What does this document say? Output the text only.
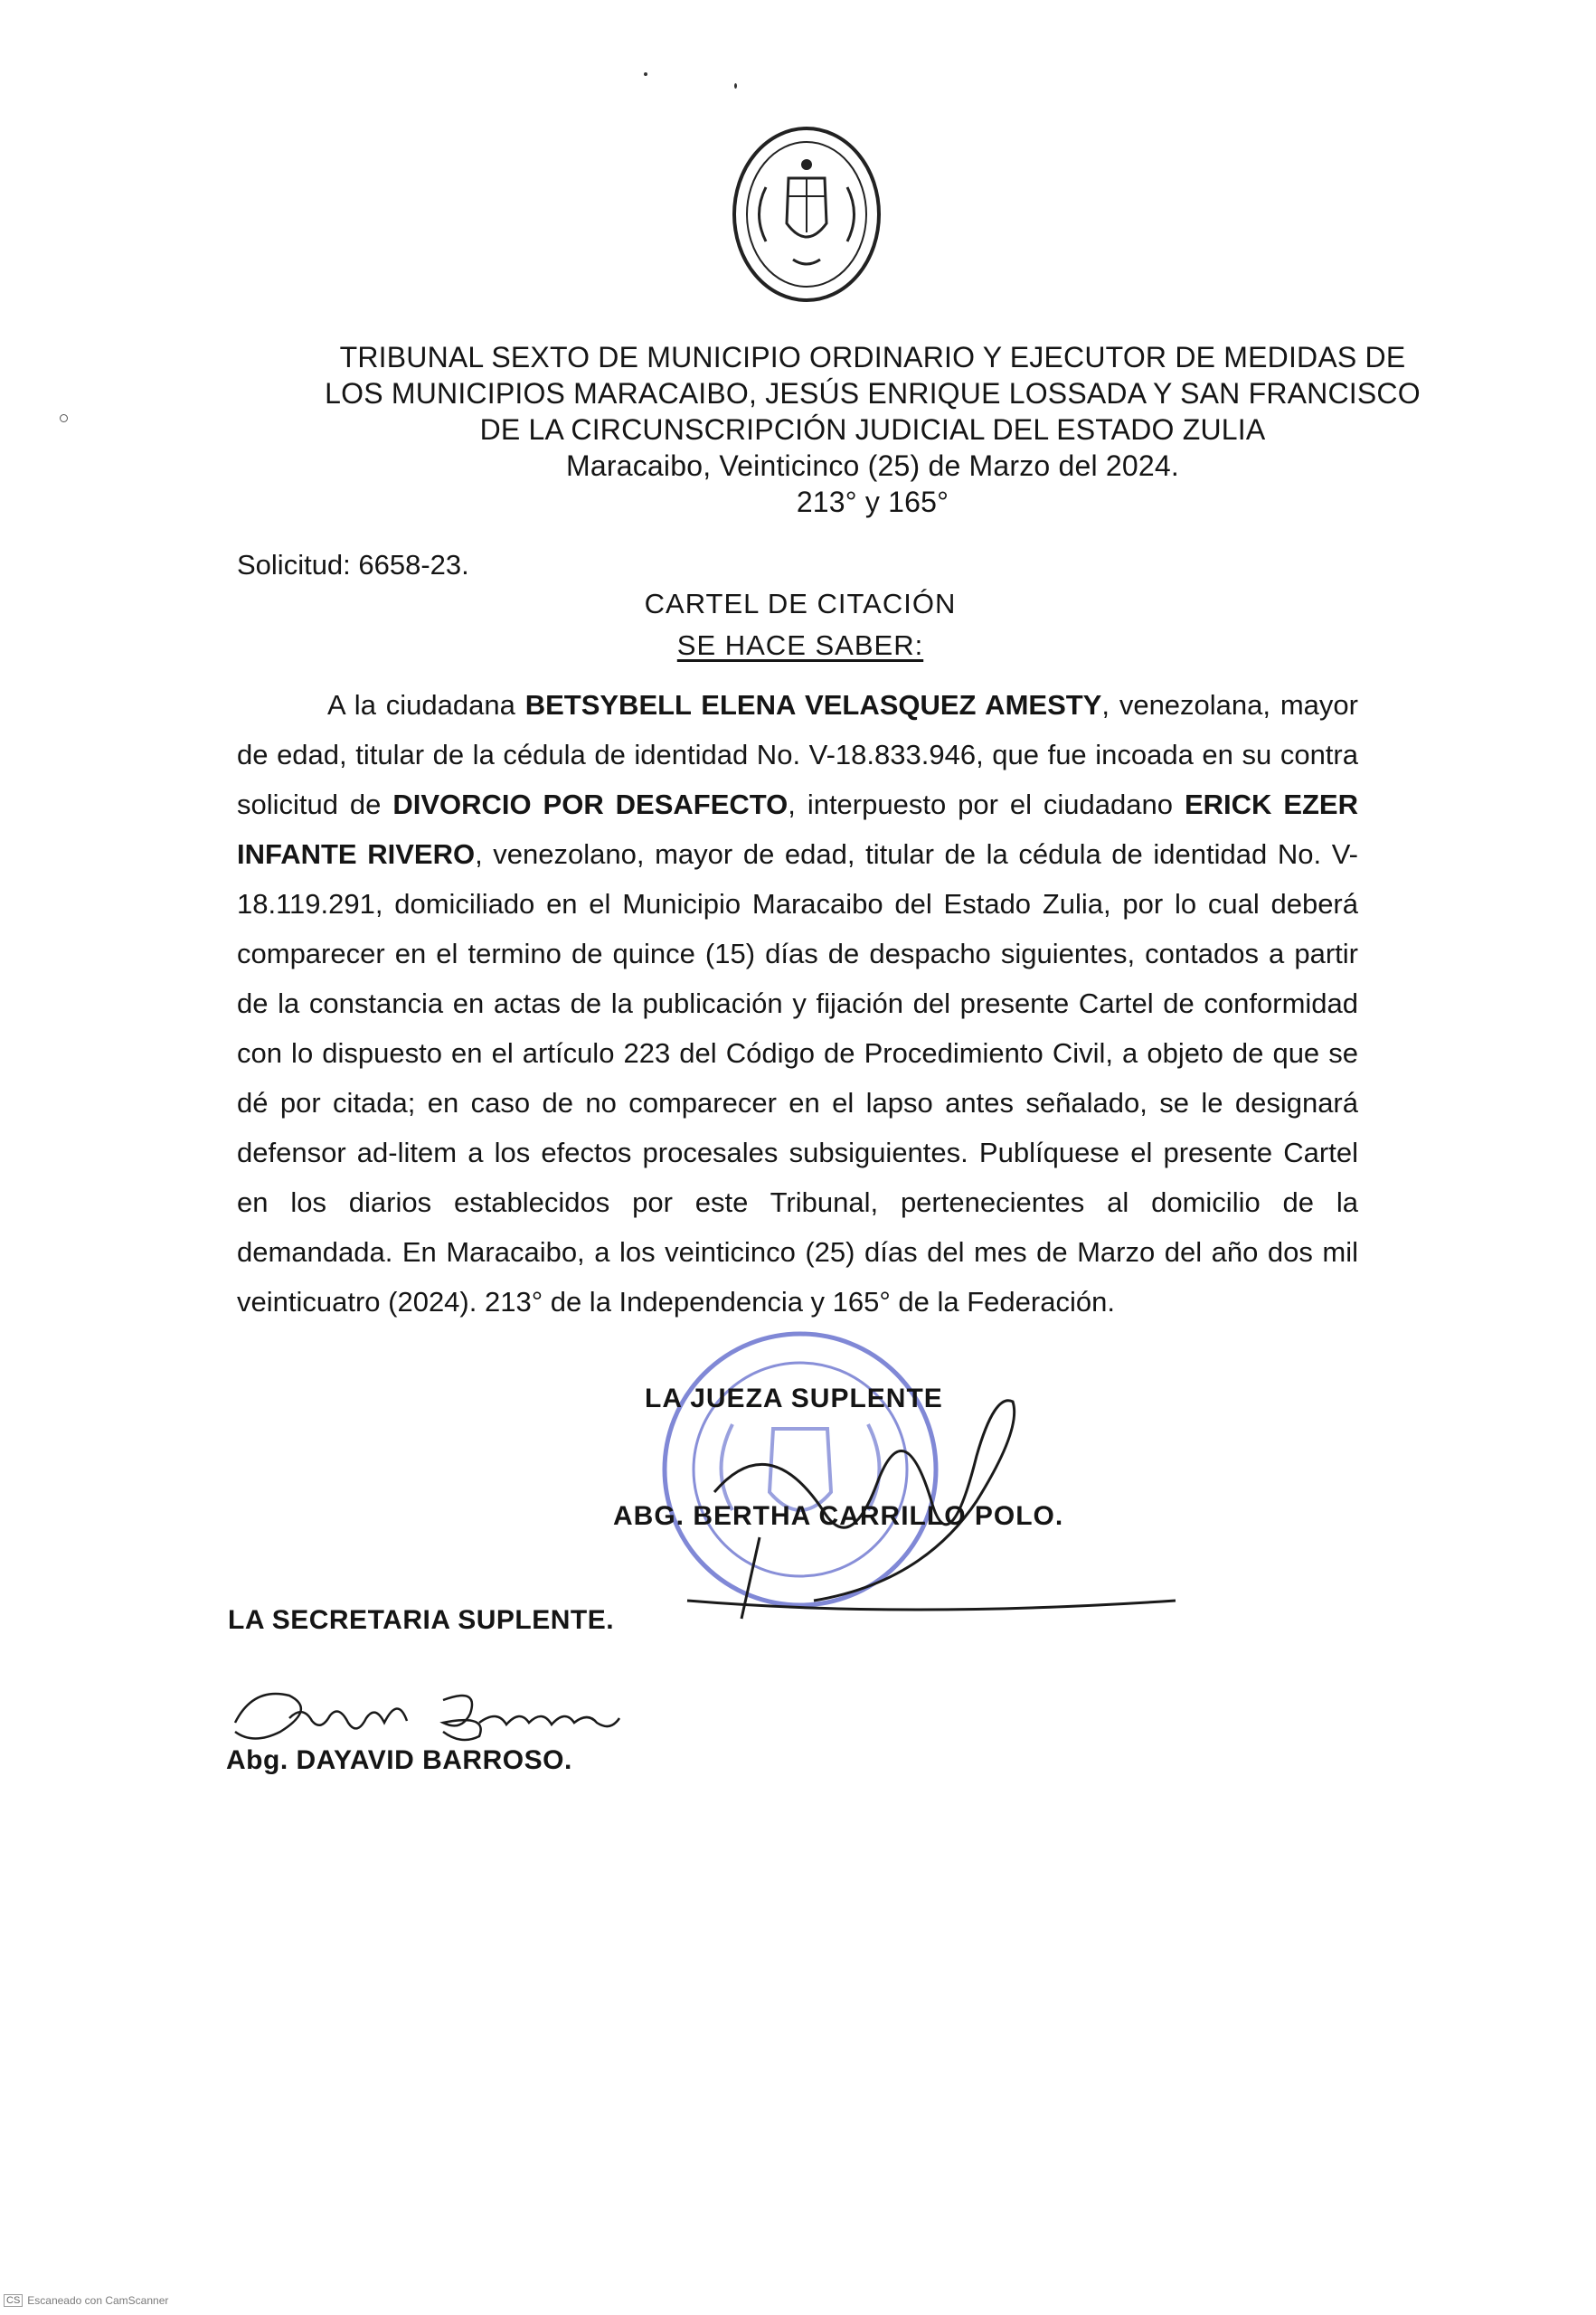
TRIBUNAL SEXTO DE MUNICIPIO ORDINARIO Y EJECUTOR DE MEDIDAS DE
LOS MUNICIPIOS MARACAIBO, JESÚS ENRIQUE LOSSADA Y SAN FRANCISCO
DE LA CIRCUNSCRIPCIÓN JUDICIAL DEL ESTADO ZULIA
Maracaibo, Veinticinco (25) de Marzo del 2024.
213° y 165°
Solicitud: 6658-23.
CARTEL DE CITACIÓN
SE HACE SABER:

A la ciudadana BETSYBELL ELENA VELASQUEZ AMESTY, venezolana, mayor de edad, titular de la cédula de identidad No. V-18.833.946, que fue incoada en su contra solicitud de DIVORCIO POR DESAFECTO, interpuesto por el ciudadano ERICK EZER INFANTE RIVERO, venezolano, mayor de edad, titular de la cédula de identidad No. V-18.119.291, domiciliado en el Municipio Maracaibo del Estado Zulia, por lo cual deberá comparecer en el termino de quince (15) días de despacho siguientes, contados a partir de la constancia en actas de la publicación y fijación del presente Cartel de conformidad con lo dispuesto en el artículo 223 del Código de Procedimiento Civil, a objeto de que se dé por citada; en caso de no comparecer en el lapso antes señalado, se le designará defensor ad-litem a los efectos procesales subsiguientes. Publíquese el presente Cartel en los diarios establecidos por este Tribunal, pertenecientes al domicilio de la demandada. En Maracaibo, a los veinticinco (25) días del mes de Marzo del año dos mil veinticuatro (2024). 213° de la Independencia y 165° de la Federación.

LA JUEZA SUPLENTE
ABG. BERTHA CARRILLO POLO.
LA SECRETARIA SUPLENTE.
Abg. DAYAVID BARROSO.
CS Escaneado con CamScanner
